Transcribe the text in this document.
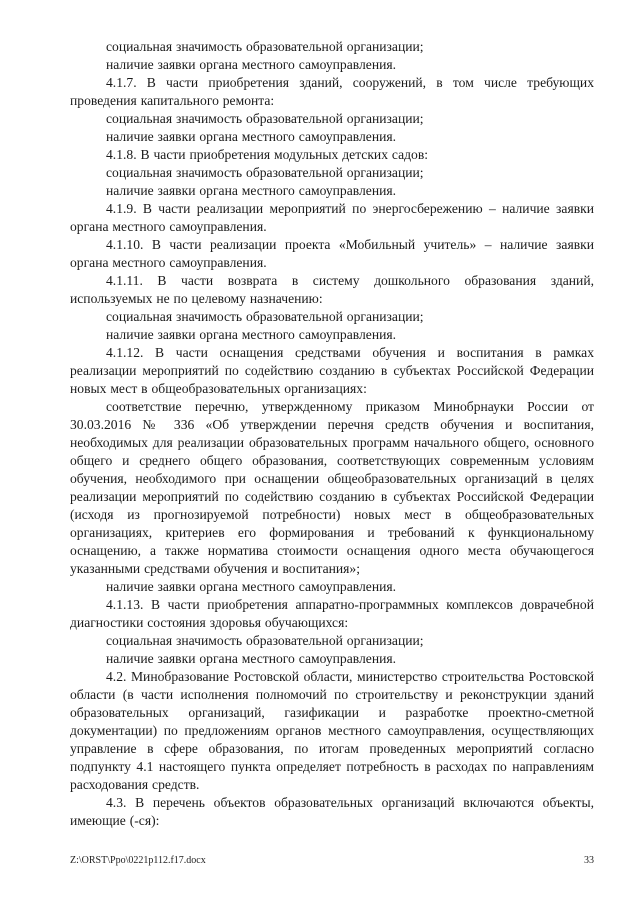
социальная значимость образовательной организации;

наличие заявки органа местного самоуправления.

4.1.7. В части приобретения зданий, сооружений, в том числе требующих проведения капитального ремонта:

социальная значимость образовательной организации;

наличие заявки органа местного самоуправления.

4.1.8. В части приобретения модульных детских садов:

социальная значимость образовательной организации;

наличие заявки органа местного самоуправления.

4.1.9. В части реализации мероприятий по энергосбережению – наличие заявки органа местного самоуправления.

4.1.10. В части реализации проекта «Мобильный учитель» – наличие заявки органа местного самоуправления.

4.1.11. В части возврата в систему дошкольного образования зданий, используемых не по целевому назначению:

социальная значимость образовательной организации;

наличие заявки органа местного самоуправления.

4.1.12. В части оснащения средствами обучения и воспитания в рамках реализации мероприятий по содействию созданию в субъектах Российской Федерации новых мест в общеобразовательных организациях:

соответствие перечню, утвержденному приказом Минобрнауки России от 30.03.2016 № 336 «Об утверждении перечня средств обучения и воспитания, необходимых для реализации образовательных программ начального общего, основного общего и среднего общего образования, соответствующих современным условиям обучения, необходимого при оснащении общеобразовательных организаций в целях реализации мероприятий по содействию созданию в субъектах Российской Федерации (исходя из прогнозируемой потребности) новых мест в общеобразовательных организациях, критериев его формирования и требований к функциональному оснащению, а также норматива стоимости оснащения одного места обучающегося указанными средствами обучения и воспитания»;

наличие заявки органа местного самоуправления.

4.1.13. В части приобретения аппаратно-программных комплексов доврачебной диагностики состояния здоровья обучающихся:

социальная значимость образовательной организации;

наличие заявки органа местного самоуправления.

4.2. Минобразование Ростовской области, министерство строительства Ростовской области (в части исполнения полномочий по строительству и реконструкции зданий образовательных организаций, газификации и разработке проектно-сметной документации) по предложениям органов местного самоуправления, осуществляющих управление в сфере образования, по итогам проведенных мероприятий согласно подпункту 4.1 настоящего пункта определяет потребность в расходах по направлениям расходования средств.

4.3. В перечень объектов образовательных организаций включаются объекты, имеющие (-ся):

Z:\ORST\Ppo\0221p112.f17.docx	33
